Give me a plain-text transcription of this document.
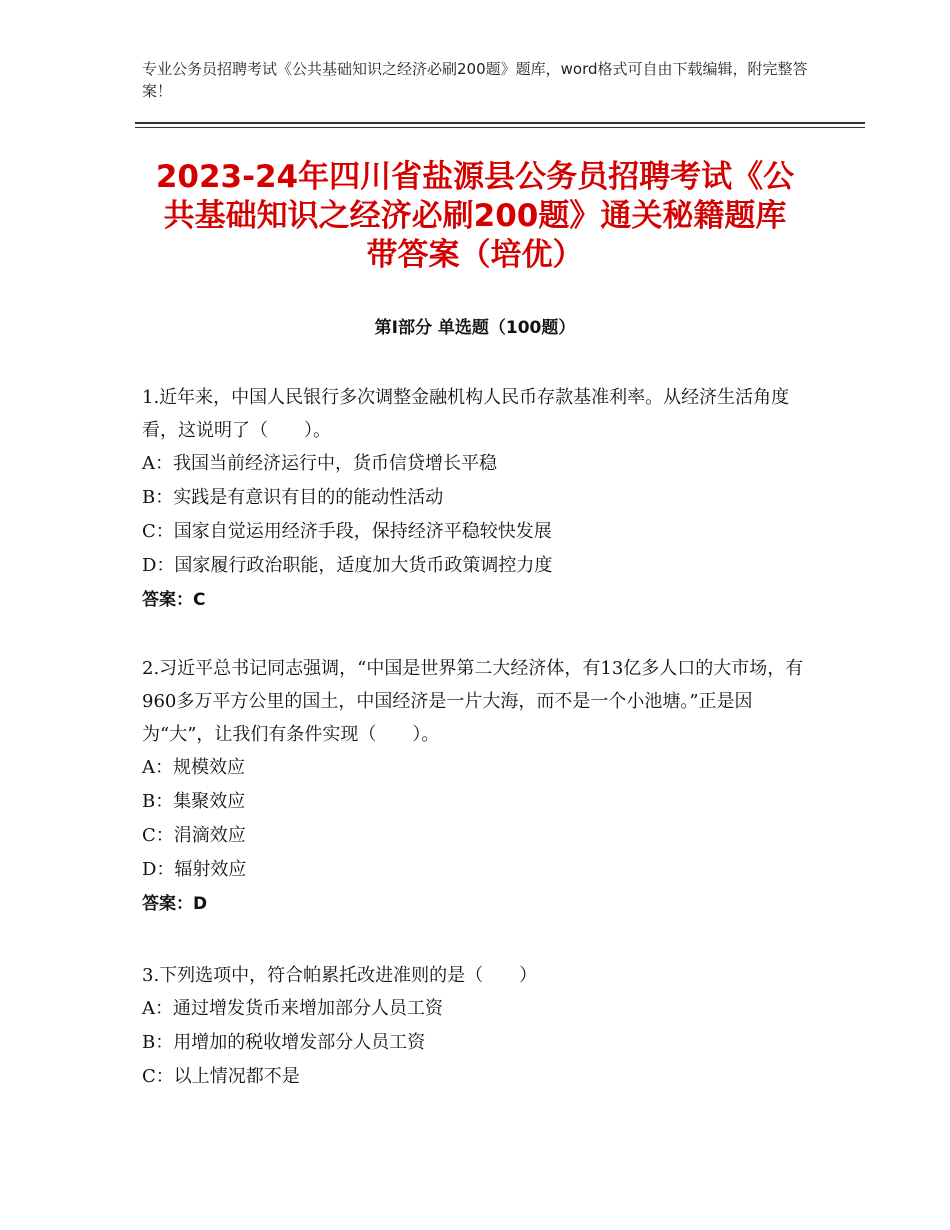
专业公务员招聘考试《公共基础知识之经济必刷200题》题库，word格式可自由下载编辑，附完整答案！
2023-24年四川省盐源县公务员招聘考试《公共基础知识之经济必刷200题》通关秘籍题库带答案（培优）
第I部分 单选题（100题）

1.近年来，中国人民银行多次调整金融机构人民币存款基准利率。从经济生活角度看，这说明了（　　）。

A：我国当前经济运行中，货币信贷增长平稳

B：实践是有意识有目的的能动性活动

C：国家自觉运用经济手段，保持经济平稳较快发展

D：国家履行政治职能，适度加大货币政策调控力度

答案：C

2.习近平总书记同志强调，“中国是世界第二大经济体，有13亿多人口的大市场，有960多万平方公里的国土，中国经济是一片大海，而不是一个小池塘。”正是因为“大”，让我们有条件实现（　　）。

A：规模效应

B：集聚效应

C：涓滴效应

D：辐射效应

答案：D

3.下列选项中，符合帕累托改进准则的是（　　）

A：通过增发货币来增加部分人员工资

B：用增加的税收增发部分人员工资

C：以上情况都不是
